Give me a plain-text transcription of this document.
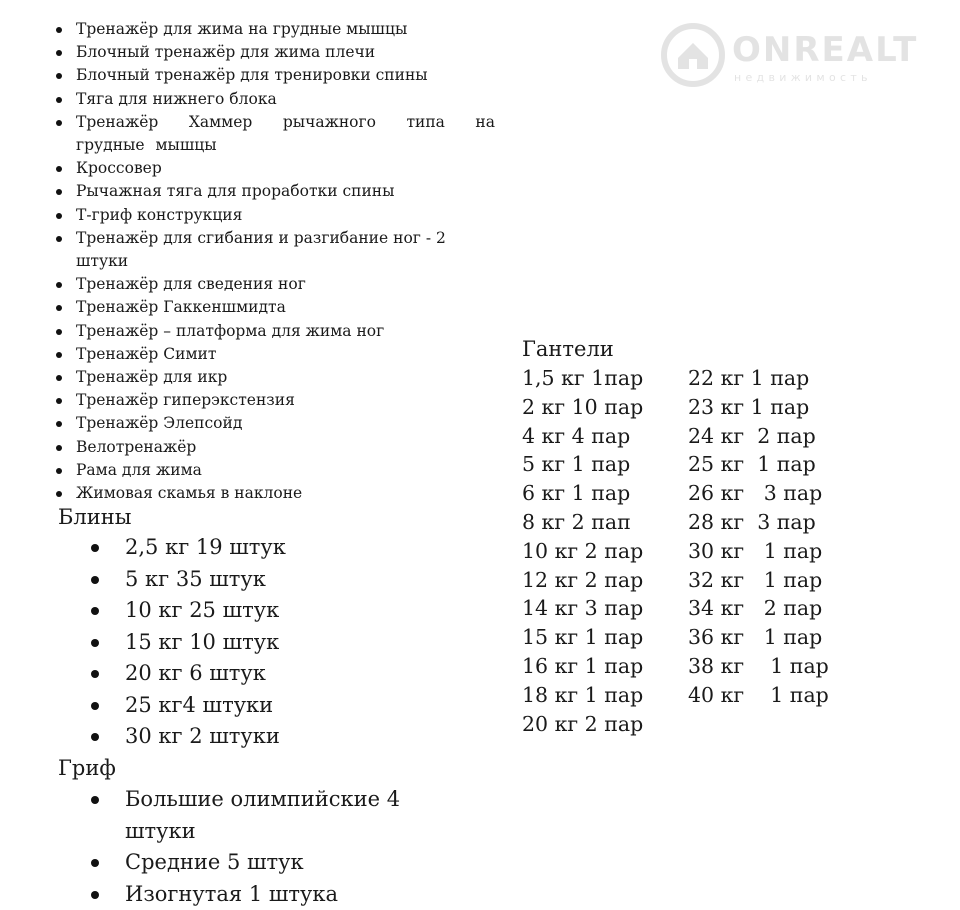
ONREALT
недвижимость
Тренажёр для жима на грудные мышцы
Блочный тренажёр для жима плечи
Блочный тренажёр для тренировки спины
Тяга для нижнего блока
Тренажёр Хаммер рычажного типа на грудные мышцы
Кроссовер
Рычажная тяга для проработки спины
Т-гриф конструкция
Тренажёр для сгибания и разгибание ног - 2 штуки
Тренажёр для сведения ног
Тренажёр Гаккеншмидта
Тренажёр – платформа для жима ног
Тренажёр Симит
Тренажёр для икр
Тренажёр гиперэкстензия
Тренажёр Элепсойд
Велотренажёр
Рама для жима
Жимовая скамья в наклоне
Блины
2,5 кг 19 штук
5 кг 35 штук
10 кг 25 штук
15 кг 10 штук
20 кг 6 штук
25 кг4 штуки
30 кг 2 штуки
Гриф
Большие олимпийские 4 штуки
Средние 5 штук
Изогнутая 1 штука
Гантели
1,5 кг 1пар
2 кг 10 пар
4 кг 4 пар
5 кг 1 пар
6 кг 1 пар
8 кг 2 пап
10 кг 2 пар
12 кг 2 пар
14 кг 3 пар
15 кг 1 пар
16 кг 1 пар
18 кг 1 пар
20 кг 2 пар
22 кг 1 пар
23 кг 1 пар
24 кг  2 пар
25 кг  1 пар
26 кг   3 пар
28 кг  3 пар
30 кг   1 пар
32 кг   1 пар
34 кг   2 пар
36 кг   1 пар
38 кг    1 пар
40 кг    1 пар
